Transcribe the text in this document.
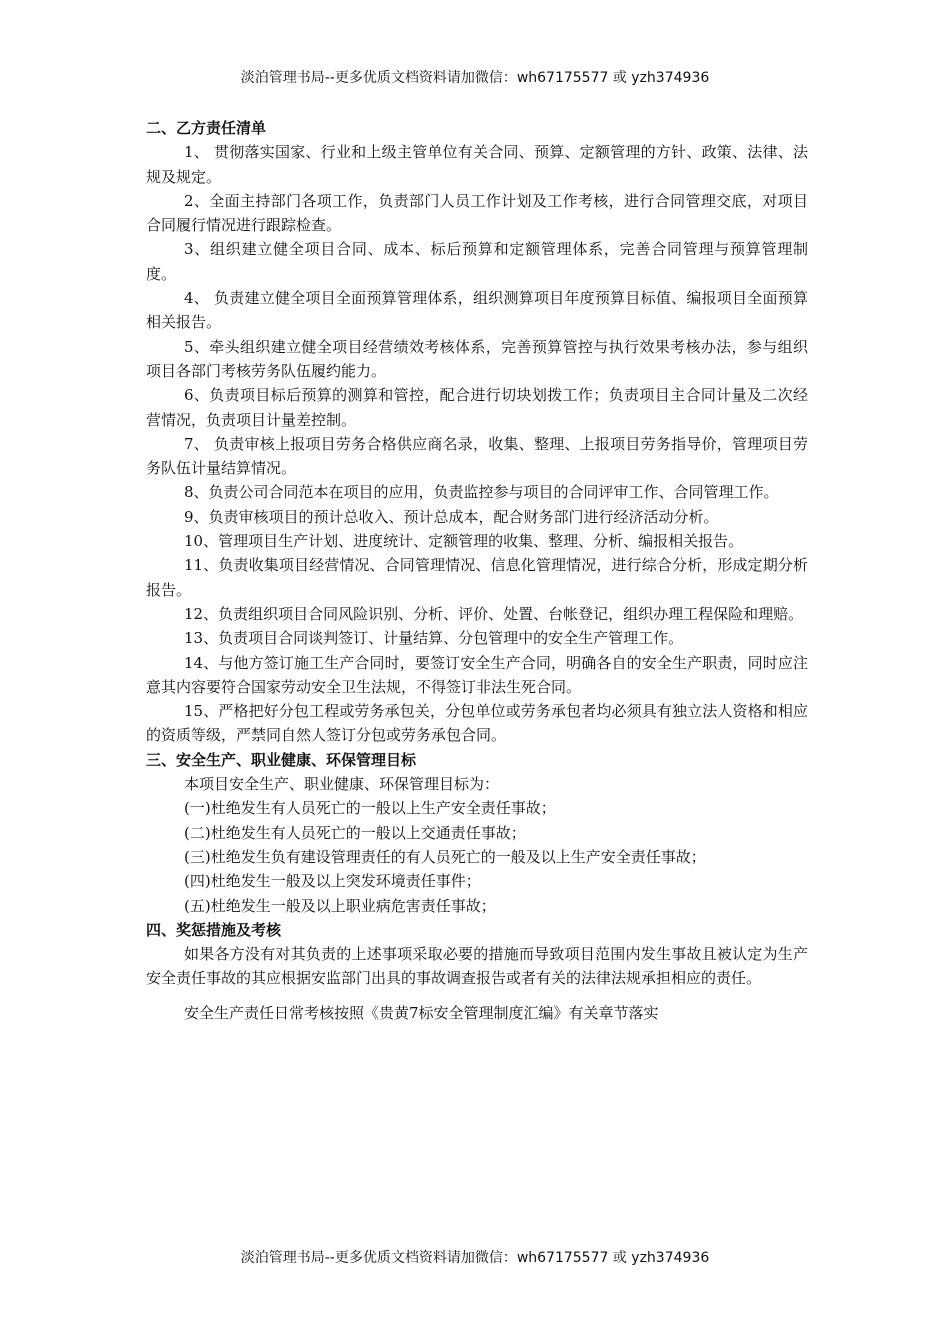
淡泊管理书局--更多优质文档资料请加微信：wh67175577 或 yzh374936
二、乙方责任清单

1、 贯彻落实国家、行业和上级主管单位有关合同、预算、定额管理的方针、政策、法律、法规及规定。

2、全面主持部门各项工作，负责部门人员工作计划及工作考核，进行合同管理交底，对项目合同履行情况进行跟踪检查。

3、组织建立健全项目合同、成本、标后预算和定额管理体系，完善合同管理与预算管理制度。

4、 负责建立健全项目全面预算管理体系，组织测算项目年度预算目标值、编报项目全面预算相关报告。

5、牵头组织建立健全项目经营绩效考核体系，完善预算管控与执行效果考核办法，参与组织项目各部门考核劳务队伍履约能力。

6、负责项目标后预算的测算和管控，配合进行切块划拨工作；负责项目主合同计量及二次经营情况，负责项目计量差控制。

7、 负责审核上报项目劳务合格供应商名录，收集、整理、上报项目劳务指导价，管理项目劳务队伍计量结算情况。

8、负责公司合同范本在项目的应用，负责监控参与项目的合同评审工作、合同管理工作。

9、负责审核项目的预计总收入、预计总成本，配合财务部门进行经济活动分析。

10、管理项目生产计划、进度统计、定额管理的收集、整理、分析、编报相关报告。

11、负责收集项目经营情况、合同管理情况、信息化管理情况，进行综合分析，形成定期分析报告。

12、负责组织项目合同风险识别、分析、评价、处置、台帐登记，组织办理工程保险和理赔。

13、负责项目合同谈判签订、计量结算、分包管理中的安全生产管理工作。

14、与他方签订施工生产合同时，要签订安全生产合同，明确各自的安全生产职责，同时应注意其内容要符合国家劳动安全卫生法规，不得签订非法生死合同。

15、严格把好分包工程或劳务承包关，分包单位或劳务承包者均必须具有独立法人资格和相应的资质等级，严禁同自然人签订分包或劳务承包合同。

三、安全生产、职业健康、环保管理目标

本项目安全生产、职业健康、环保管理目标为：

(一)杜绝发生有人员死亡的一般以上生产安全责任事故；

(二)杜绝发生有人员死亡的一般以上交通责任事故；

(三)杜绝发生负有建设管理责任的有人员死亡的一般及以上生产安全责任事故；

(四)杜绝发生一般及以上突发环境责任事件；

(五)杜绝发生一般及以上职业病危害责任事故；

四、奖惩措施及考核

如果各方没有对其负责的上述事项采取必要的措施而导致项目范围内发生事故且被认定为生产安全责任事故的其应根据安监部门出具的事故调查报告或者有关的法律法规承担相应的责任。

安全生产责任日常考核按照《贵黄7标安全管理制度汇编》有关章节落实

淡泊管理书局--更多优质文档资料请加微信：wh67175577 或 yzh374936
